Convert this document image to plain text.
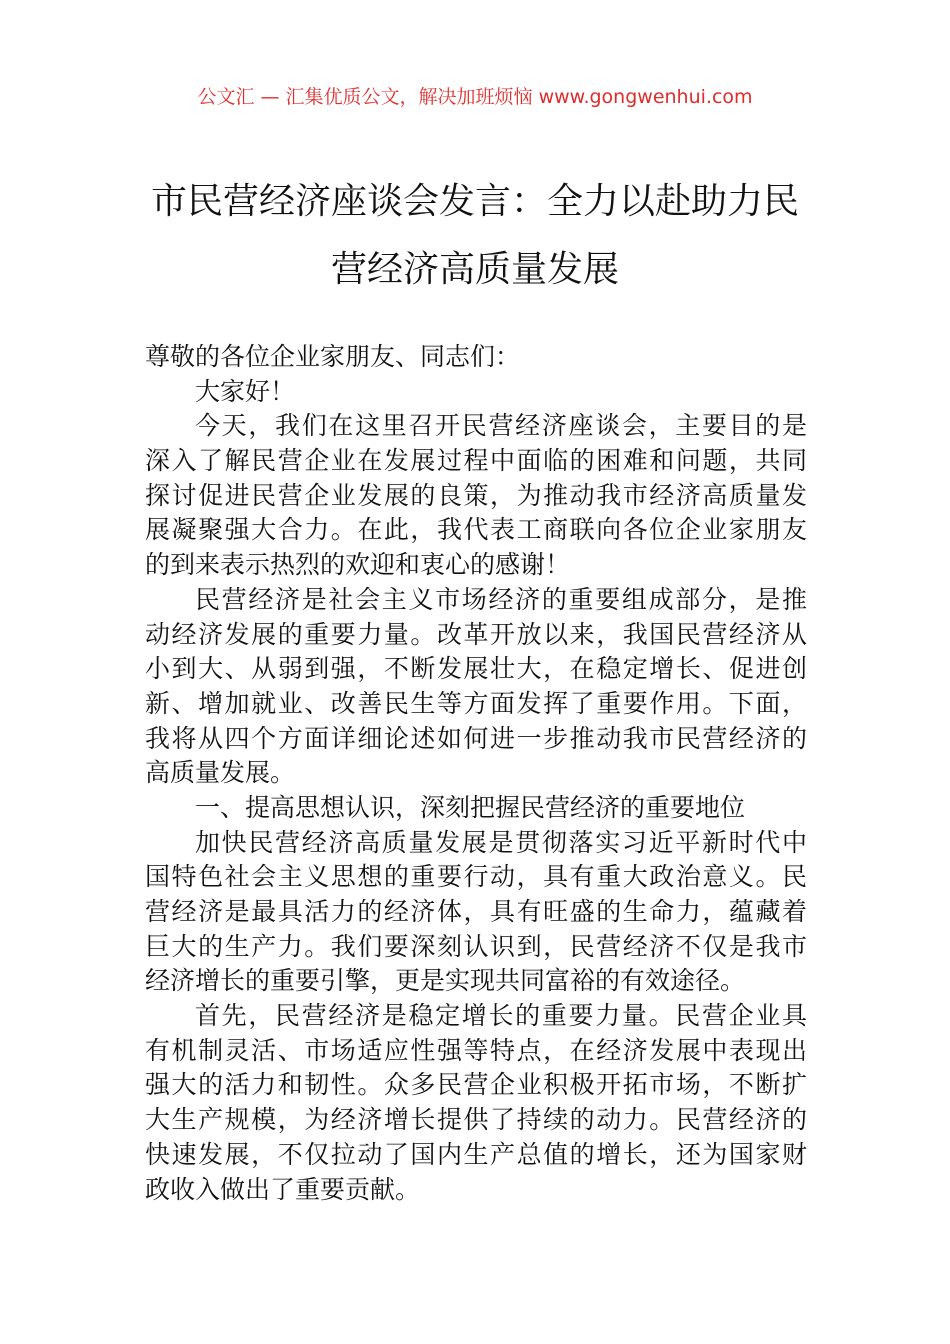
公文汇 — 汇集优质公文，解决加班烦恼 www.gongwenhui.com
市民营经济座谈会发言：全力以赴助力民
营经济高质量发展
尊敬的各位企业家朋友、同志们：
大家好！
今天，我们在这里召开民营经济座谈会，主要目的是
深入了解民营企业在发展过程中面临的困难和问题，共同
探讨促进民营企业发展的良策，为推动我市经济高质量发
展凝聚强大合力。在此，我代表工商联向各位企业家朋友
的到来表示热烈的欢迎和衷心的感谢！
民营经济是社会主义市场经济的重要组成部分，是推
动经济发展的重要力量。改革开放以来，我国民营经济从
小到大、从弱到强，不断发展壮大，在稳定增长、促进创
新、增加就业、改善民生等方面发挥了重要作用。下面，
我将从四个方面详细论述如何进一步推动我市民营经济的
高质量发展。
一、提高思想认识，深刻把握民营经济的重要地位
加快民营经济高质量发展是贯彻落实习近平新时代中
国特色社会主义思想的重要行动，具有重大政治意义。民
营经济是最具活力的经济体，具有旺盛的生命力，蕴藏着
巨大的生产力。我们要深刻认识到，民营经济不仅是我市
经济增长的重要引擎，更是实现共同富裕的有效途径。
首先，民营经济是稳定增长的重要力量。民营企业具
有机制灵活、市场适应性强等特点，在经济发展中表现出
强大的活力和韧性。众多民营企业积极开拓市场，不断扩
大生产规模，为经济增长提供了持续的动力。民营经济的
快速发展，不仅拉动了国内生产总值的增长，还为国家财
政收入做出了重要贡献。
